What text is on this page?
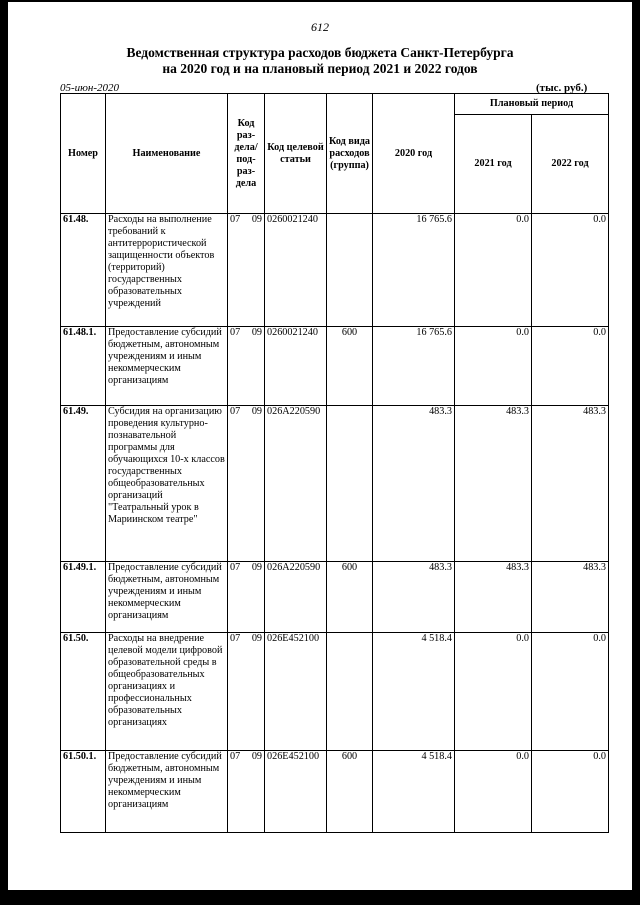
612
Ведомственная структура расходов бюджета Санкт-Петербурга
на 2020 год и на плановый период 2021 и 2022 годов
05-июн-2020	(тыс. руб.)
Номер	Наименование	Код раз- дела/ под- раз- дела	Код целевой статьи	Код вида расходов (группа)	2020 год	Плановый период	
						2021 год	2022 год
61.48.	Расходы на выполнение требований к антитеррористической защищенности объектов (территорий) государственных образовательных учреждений	07 09	0260021240		16 765.6	0.0	0.0
61.48.1.	Предоставление субсидий бюджетным, автономным учреждениям и иным некоммерческим организациям	07 09	0260021240	600	16 765.6	0.0	0.0
61.49.	Субсидия на организацию проведения культурно-познавательной программы для обучающихся 10-х классов государственных общеобразовательных организаций "Театральный урок в Мариинском театре"	07 09	026A220590		483.3	483.3	483.3
61.49.1.	Предоставление субсидий бюджетным, автономным учреждениям и иным некоммерческим организациям	07 09	026A220590	600	483.3	483.3	483.3
61.50.	Расходы на внедрение целевой модели цифровой образовательной среды в общеобразовательных организациях и профессиональных образовательных организациях	07 09	026E452100		4 518.4	0.0	0.0
61.50.1.	Предоставление субсидий бюджетным, автономным учреждениям и иным некоммерческим организациям	07 09	026E452100	600	4 518.4	0.0	0.0
